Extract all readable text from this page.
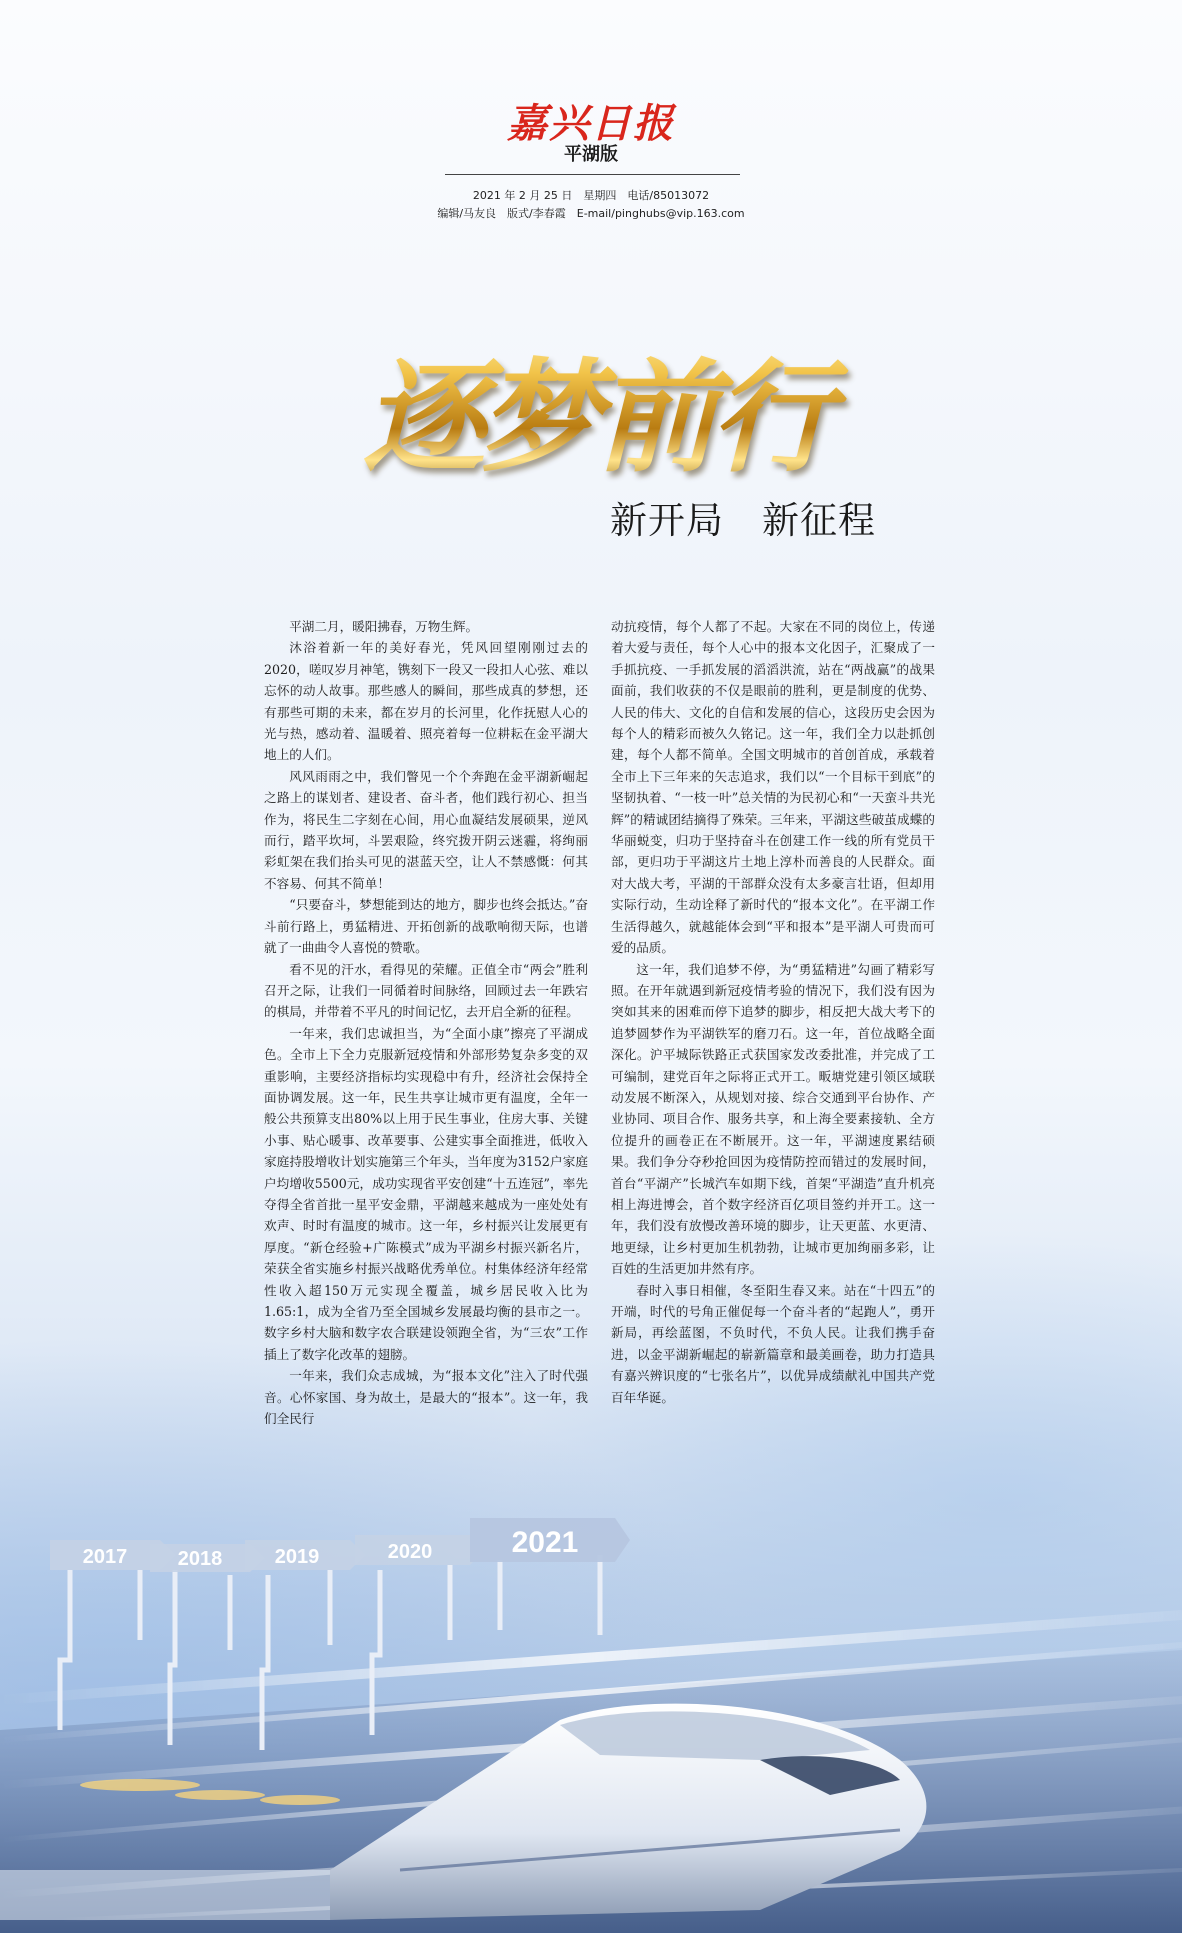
嘉兴日报
平湖版
2021 年 2 月 25 日　星期四　电话/85013072
编辑/马友良　版式/李春霞　E-mail/pinghubs@vip.163.com
逐梦前行
新开局　新征程

平湖二月，暖阳拂春，万物生辉。

沐浴着新一年的美好春光，凭风回望刚刚过去的2020，嗟叹岁月神笔，镌刻下一段又一段扣人心弦、难以忘怀的动人故事。那些感人的瞬间，那些成真的梦想，还有那些可期的未来，都在岁月的长河里，化作抚慰人心的光与热，感动着、温暖着、照亮着每一位耕耘在金平湖大地上的人们。

风风雨雨之中，我们瞥见一个个奔跑在金平湖新崛起之路上的谋划者、建设者、奋斗者，他们践行初心、担当作为，将民生二字刻在心间，用心血凝结发展硕果，逆风而行，踏平坎坷，斗罢艰险，终究拨开阴云迷霾，将绚丽彩虹架在我们抬头可见的湛蓝天空，让人不禁感慨：何其不容易、何其不简单！

“只要奋斗，梦想能到达的地方，脚步也终会抵达。”奋斗前行路上，勇猛精进、开拓创新的战歌响彻天际，也谱就了一曲曲令人喜悦的赞歌。

看不见的汗水，看得见的荣耀。正值全市“两会”胜利召开之际，让我们一同循着时间脉络，回顾过去一年跌宕的棋局，并带着不平凡的时间记忆，去开启全新的征程。

一年来，我们忠诚担当，为“全面小康”擦亮了平湖成色。全市上下全力克服新冠疫情和外部形势复杂多变的双重影响，主要经济指标均实现稳中有升，经济社会保持全面协调发展。这一年，民生共享让城市更有温度，全年一般公共预算支出80%以上用于民生事业，住房大事、关键小事、贴心暖事、改革要事、公建实事全面推进，低收入家庭持股增收计划实施第三个年头，当年度为3152户家庭户均增收5500元，成功实现省平安创建“十五连冠”，率先夺得全省首批一星平安金鼎，平湖越来越成为一座处处有欢声、时时有温度的城市。这一年，乡村振兴让发展更有厚度。“新仓经验+广陈模式”成为平湖乡村振兴新名片，荣获全省实施乡村振兴战略优秀单位。村集体经济年经常性收入超150万元实现全覆盖，城乡居民收入比为1.65:1，成为全省乃至全国城乡发展最均衡的县市之一。数字乡村大脑和数字农合联建设领跑全省，为“三农”工作插上了数字化改革的翅膀。

一年来，我们众志成城，为“报本文化”注入了时代强音。心怀家国、身为故土，是最大的“报本”。这一年，我们全民行

动抗疫情，每个人都了不起。大家在不同的岗位上，传递着大爱与责任，每个人心中的报本文化因子，汇聚成了一手抓抗疫、一手抓发展的滔滔洪流，站在“两战赢”的战果面前，我们收获的不仅是眼前的胜利，更是制度的优势、人民的伟大、文化的自信和发展的信心，这段历史会因为每个人的精彩而被久久铭记。这一年，我们全力以赴抓创建，每个人都不简单。全国文明城市的首创首成，承载着全市上下三年来的矢志追求，我们以“一个目标干到底”的坚韧执着、“一枝一叶”总关情的为民初心和“一天蛮斗共光辉”的精诚团结摘得了殊荣。三年来，平湖这些破茧成蝶的华丽蜕变，归功于坚持奋斗在创建工作一线的所有党员干部，更归功于平湖这片土地上淳朴而善良的人民群众。面对大战大考，平湖的干部群众没有太多豪言壮语，但却用实际行动，生动诠释了新时代的“报本文化”。在平湖工作生活得越久，就越能体会到“平和报本”是平湖人可贵而可爱的品质。

这一年，我们追梦不停，为“勇猛精进”勾画了精彩写照。在开年就遇到新冠疫情考验的情况下，我们没有因为突如其来的困难而停下追梦的脚步，相反把大战大考下的追梦圆梦作为平湖铁军的磨刀石。这一年，首位战略全面深化。沪平城际铁路正式获国家发改委批准，并完成了工可编制，建党百年之际将正式开工。畈塘党建引领区域联动发展不断深入，从规划对接、综合交通到平台协作、产业协同、项目合作、服务共享，和上海全要素接轨、全方位提升的画卷正在不断展开。这一年，平湖速度累结硕果。我们争分夺秒抢回因为疫情防控而错过的发展时间，首台“平湖产”长城汽车如期下线，首架“平湖造”直升机亮相上海进博会，首个数字经济百亿项目签约并开工。这一年，我们没有放慢改善环境的脚步，让天更蓝、水更清、地更绿，让乡村更加生机勃勃，让城市更加绚丽多彩，让百姓的生活更加井然有序。

春时入事日相催，冬至阳生春又来。站在“十四五”的开端，时代的号角正催促每一个奋斗者的“起跑人”，勇开新局，再绘蓝图，不负时代，不负人民。让我们携手奋进，以金平湖新崛起的崭新篇章和最美画卷，助力打造具有嘉兴辨识度的“七张名片”，以优异成绩献礼中国共产党百年华诞。

2017	2018	2019	2020	2021
